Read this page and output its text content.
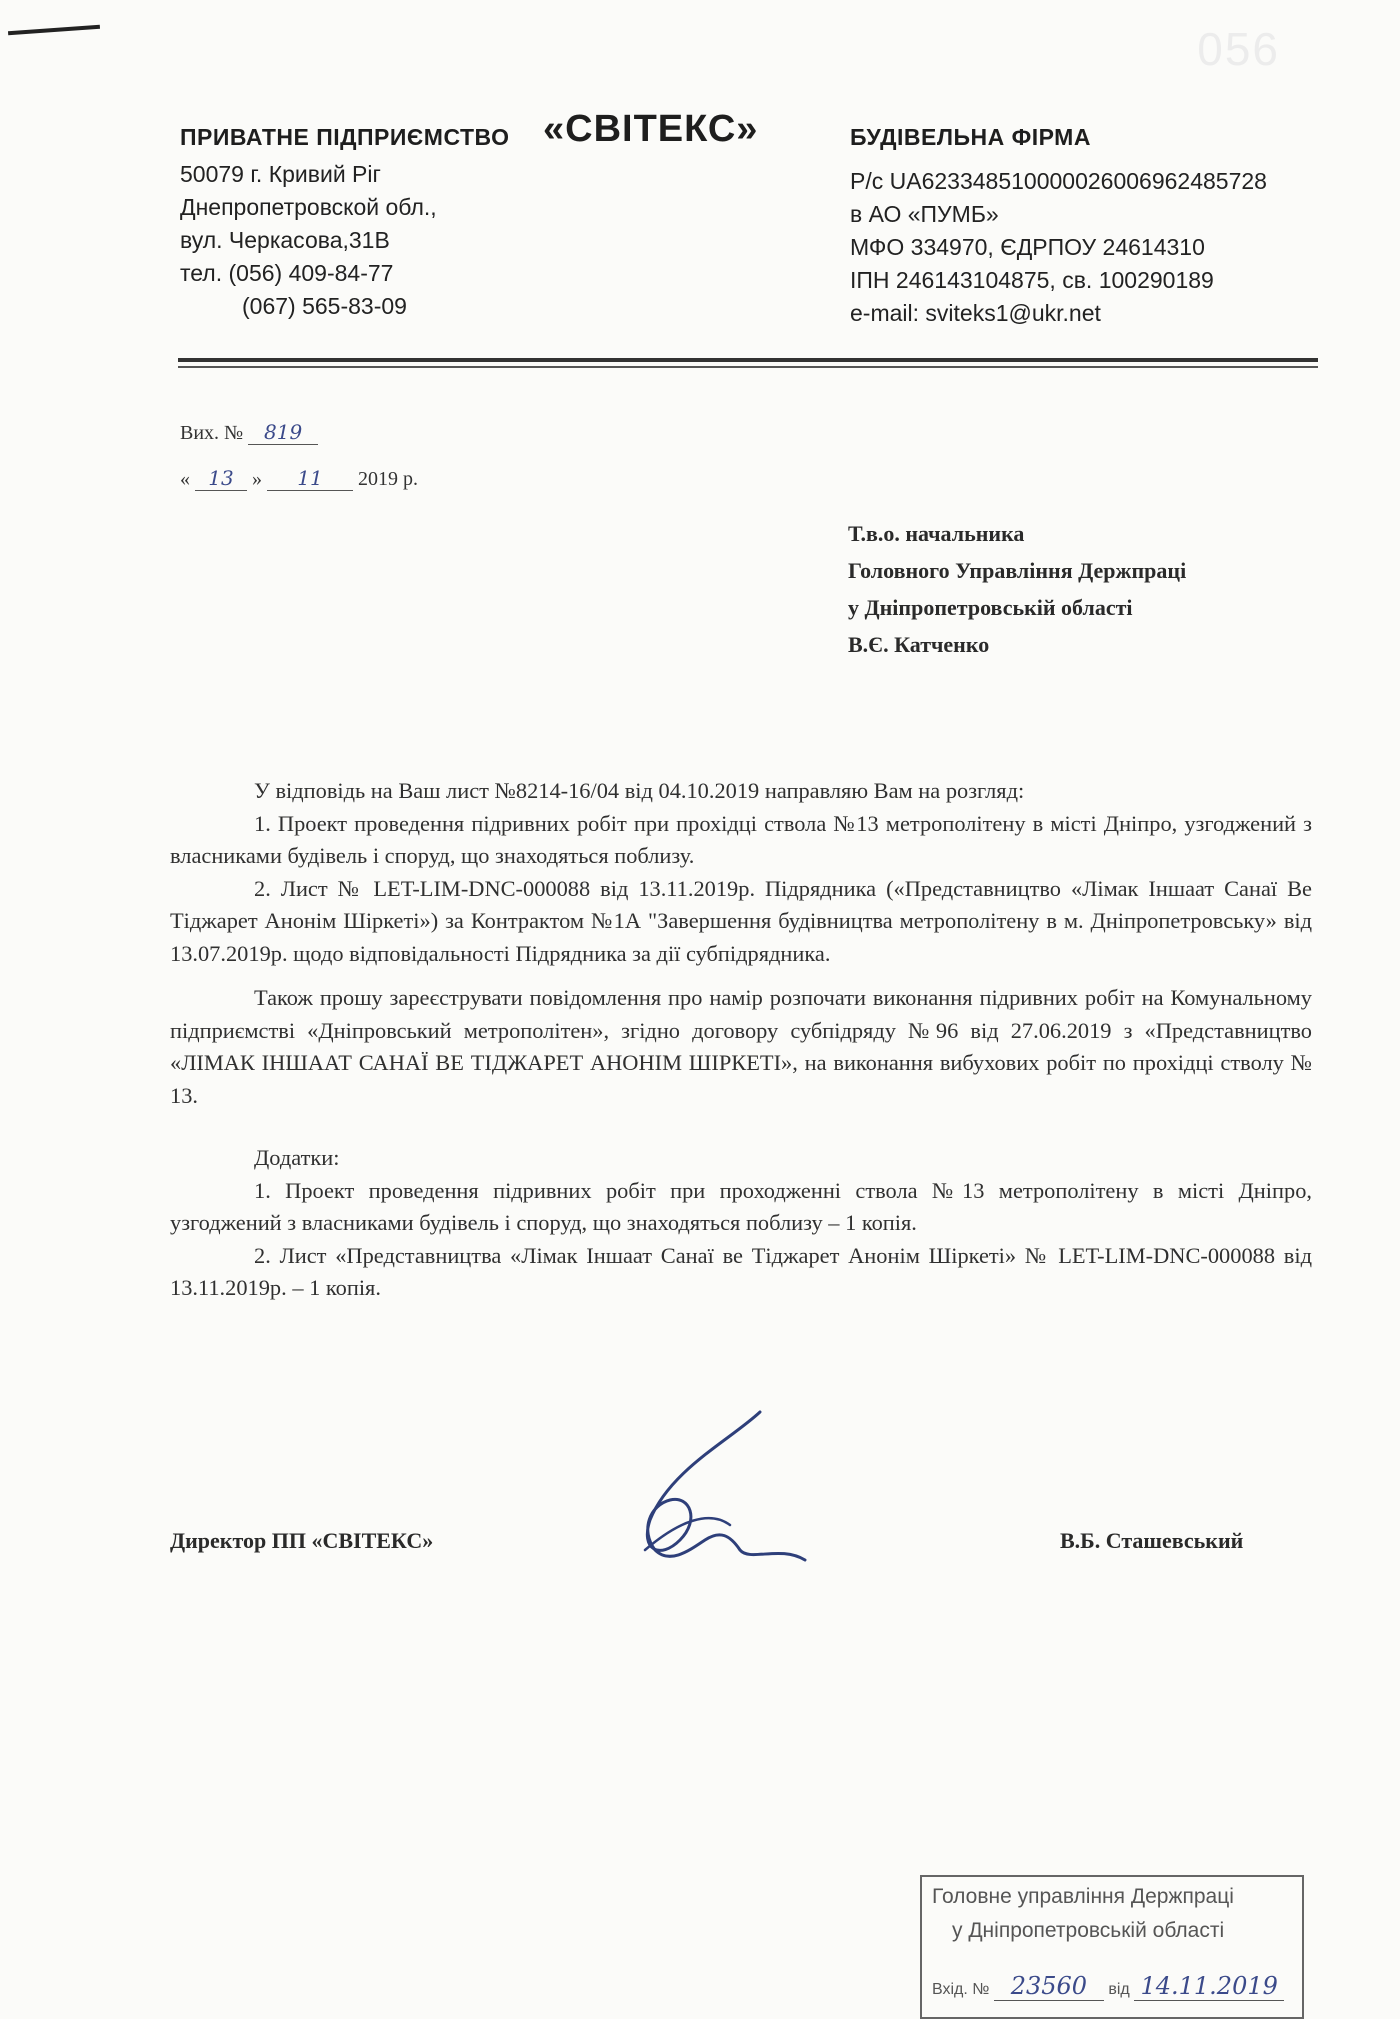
056
ПРИВАТНЕ ПІДПРИЄМСТВО «СВІТЕКС»	БУДІВЕЛЬНА ФІРМА
50079 г. Кривий Ріг
Днепропетровской обл.,
вул. Черкасова,31В
тел. (056) 409-84-77
(067) 565-83-09
Р/с UA623348510000026006962485728
в АО «ПУМБ»
МФО 334970, ЄДРПОУ 24614310
ІПН 246143104875, св. 100290189
e-mail: sviteks1@ukr.net
Вих. № 819
« 13 » 11 2019 р.
Т.в.о. начальника
Головного Управління Держпраці
у Дніпропетровській області
В.Є. Катченко

У відповідь на Ваш лист №8214-16/04 від 04.10.2019 направляю Вам на розгляд:

1. Проект проведення підривних робіт при прохідці ствола №13 метрополітену в місті Дніпро, узгоджений з власниками будівель і споруд, що знаходяться поблизу.

2. Лист № LET-LIM-DNC-000088 від 13.11.2019р. Підрядника («Представництво «Лімак Іншаат Санаї Ве Тіджарет Анонім Шіркеті») за Контрактом №1А "Завершення будівництва метрополітену в м. Дніпропетровську» від 13.07.2019р. щодо відповідальності Підрядника за дії субпідрядника.

Також прошу зареєструвати повідомлення про намір розпочати виконання підривних робіт на Комунальному підприємстві «Дніпровський метрополітен», згідно договору субпідряду №96 від 27.06.2019 з «Представництво «ЛІМАК ІНШААТ САНАЇ ВЕ ТІДЖАРЕТ АНОНІМ ШІРКЕТІ», на виконання вибухових робіт по прохідці стволу № 13.

Додатки:

1. Проект проведення підривних робіт при проходженні ствола №13 метрополітену в місті Дніпро, узгоджений з власниками будівель і споруд, що знаходяться поблизу – 1 копія.

2. Лист «Представництва «Лімак Іншаат Санаї ве Тіджарет Анонім Шіркеті» № LET-LIM-DNC-000088 від 13.11.2019р. – 1 копія.

Директор ПП «СВІТЕКС»	В.Б. Сташевський
Головне управління Держпраці
у Дніпропетровській області
Вхід. № 23560 від 14.11.2019
